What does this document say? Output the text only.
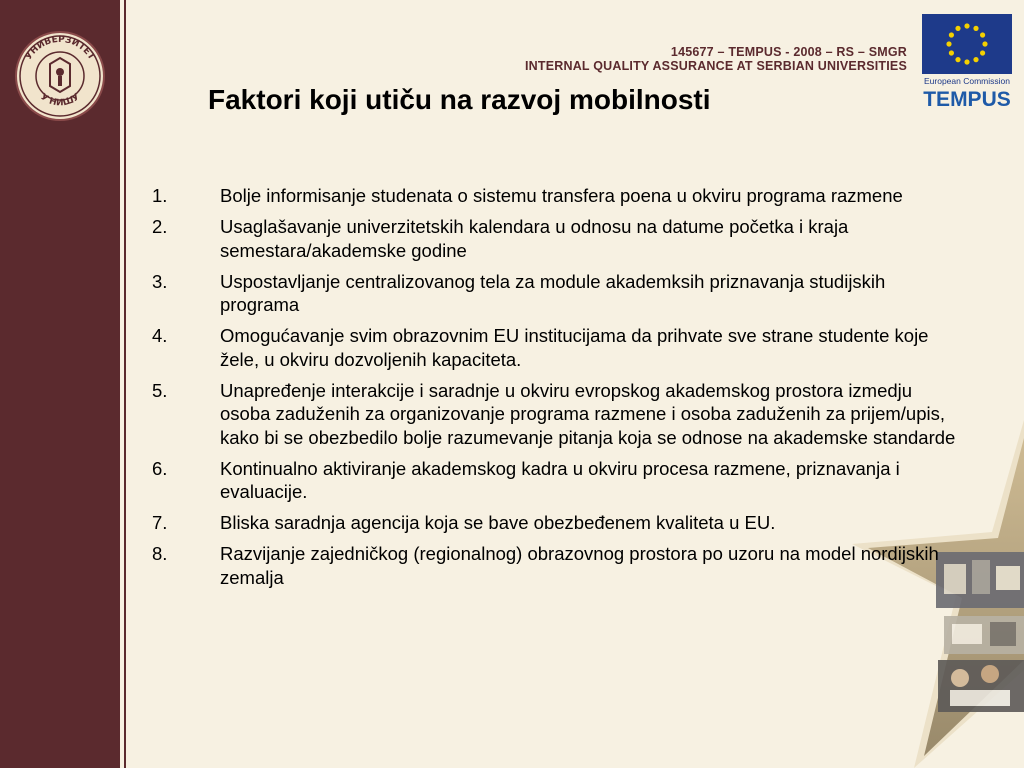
УНИВЕРЗИТЕТ
У НИШУ
145677 – TEMPUS - 2008 – RS – SMGR
INTERNAL QUALITY ASSURANCE AT SERBIAN UNIVERSITIES
European Commission
TEMPUS
Faktori koji utiču na razvoj mobilnosti
1.	Bolje informisanje studenata o sistemu transfera poena u okviru programa razmene
2.	Usaglašavanje univerzitetskih kalendara u odnosu na datume početka i kraja semestara/akademske godine
3.	Uspostavljanje centralizovanog tela za module akademksih priznavanja studijskih programa
4.	Omogućavanje svim obrazovnim EU institucijama da prihvate sve strane studente koje žele, u okviru dozvoljenih kapaciteta.
5.	Unapređenje interakcije i saradnje u okviru evropskog akademskog prostora izmedju osoba zaduženih za organizovanje programa razmene i osoba zaduženih za prijem/upis, kako bi se obezbedilo bolje razumevanje pitanja koja se odnose na akademske standarde
6.	Kontinualno aktiviranje akademskog kadra u okviru procesa razmene, priznavanja i evaluacije.
7.	Bliska saradnja agencija koja se bave obezbeđenem kvaliteta u EU.
8.	Razvijanje zajedničkog (regionalnog) obrazovnog prostora po uzoru na model nordijskih zemalja
